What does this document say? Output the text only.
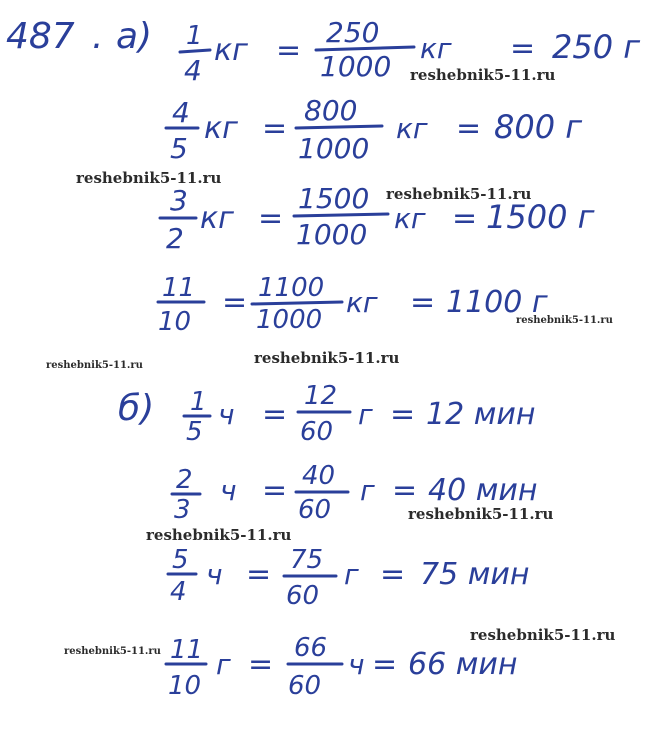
487 . а) 1
4
кг =
250
1000
кг = 250 г
4
5
кг =
800
1000
кг = 800 г
3
2
кг =
1500
1000 кг = 1500 г
11
10
= 1100
1000
кг = 1100 г
б) 1
5
ч =
12
60
г = 12 мин
2
3
ч = 40
60
г = 40 мин
5
4
ч = 75
60
г = 75 мин
11
10
г = 66
60
ч = 66 мин
reshebnik5-11.ru
reshebnik5-11.ru
reshebnik5-11.ru
reshebnik5-11.ru
reshebnik5-11.ru	reshebnik5-11.ru
reshebnik5-11.ru
reshebnik5-11.ru
reshebnik5-11.ru
reshebnik5-11.ru
